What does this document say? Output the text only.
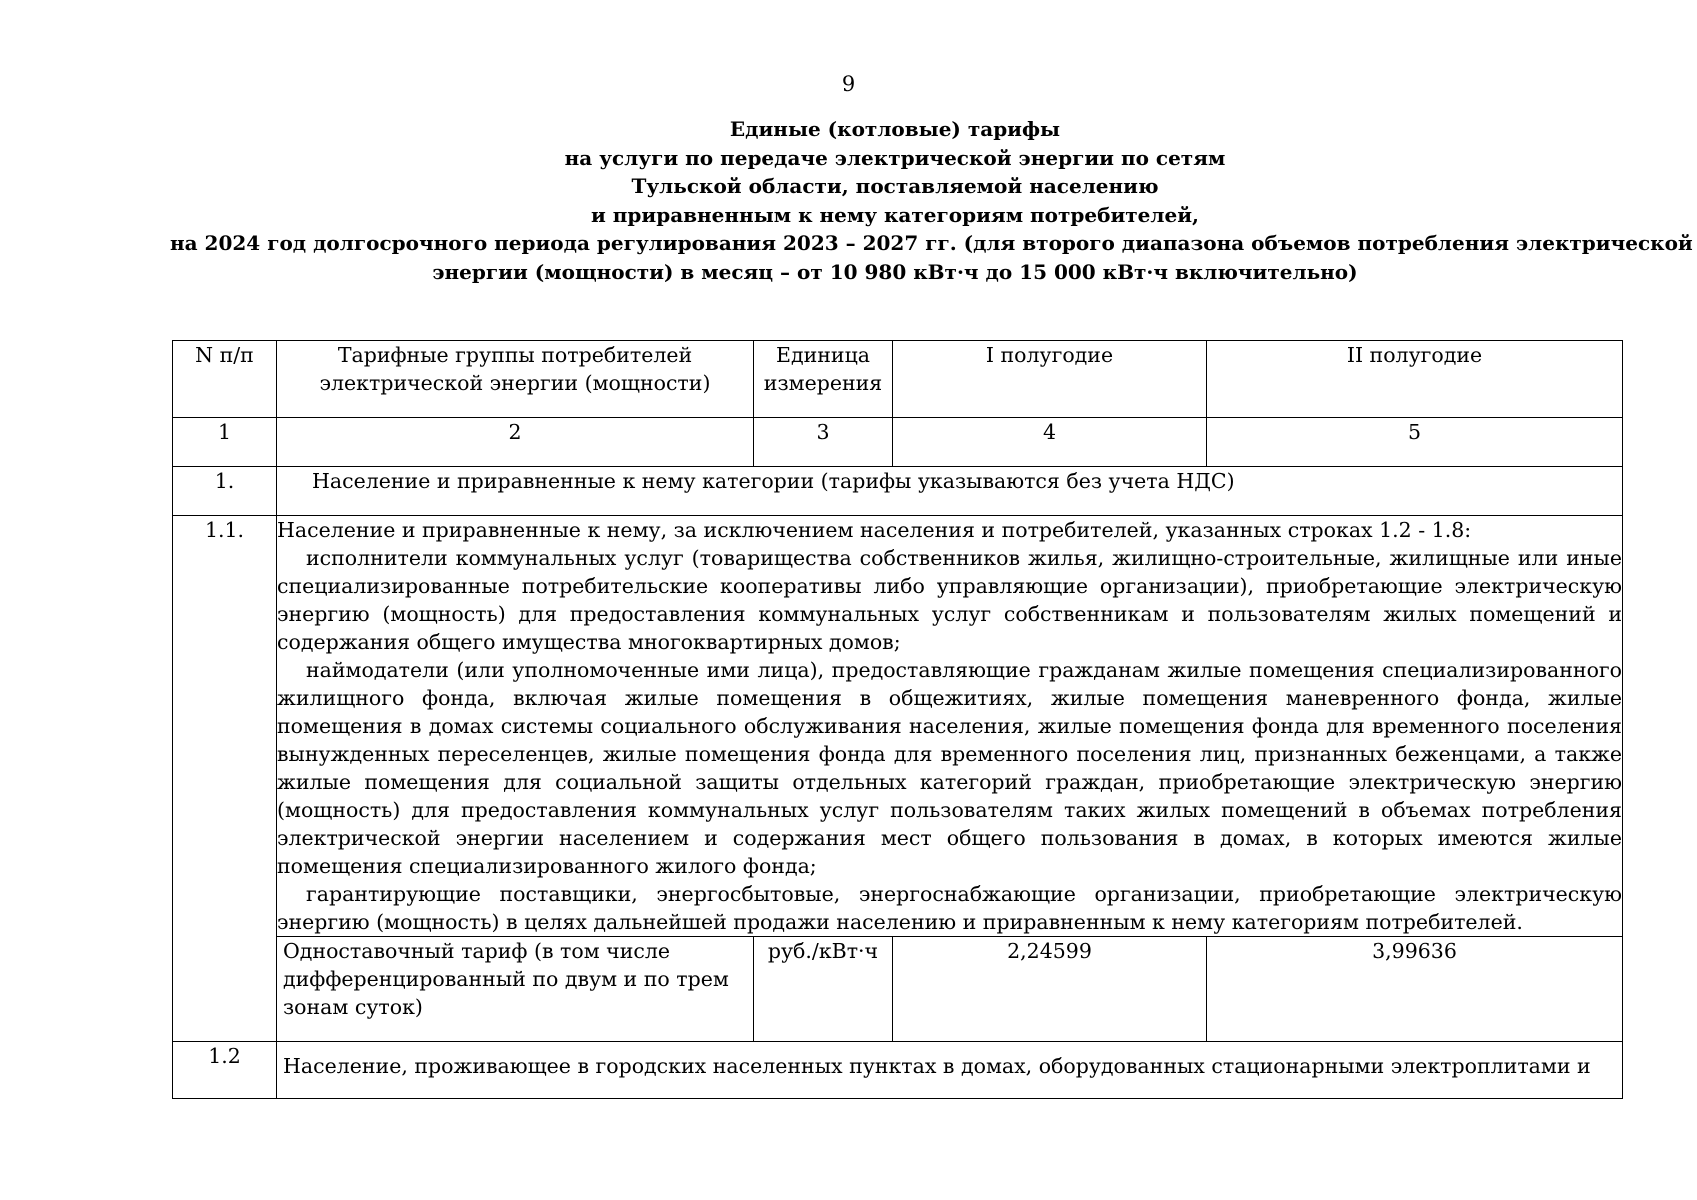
9
Единые (котловые) тарифы
на услуги по передаче электрической энергии по сетям
Тульской области, поставляемой населению
и приравненным к нему категориям потребителей,
на 2024 год долгосрочного периода регулирования 2023 – 2027 гг. (для второго диапазона объемов потребления электрической
энергии (мощности) в месяц – от 10 980 кВт·ч до 15 000 кВт·ч включительно)
N п/п	Тарифные группы потребителей электрической энергии (мощности)	Единица измерения	I полугодие	II полугодие
1	2	3	4	5
1.	Население и приравненные к нему категории (тарифы указываются без учета НДС)			
1.1.	Население и приравненные к нему, за исключением населения и потребителей, указанных строках 1.2 - 1.8:

исполнители коммунальных услуг (товарищества собственников жилья, жилищно-строительные, жилищные или иные специализированные потребительские кооперативы либо управляющие организации), приобретающие электрическую энергию (мощность) для предоставления коммунальных услуг собственникам и пользователям жилых помещений и содержания общего имущества многоквартирных домов;

наймодатели (или уполномоченные ими лица), предоставляющие гражданам жилые помещения специализированного жилищного фонда, включая жилые помещения в общежитиях, жилые помещения маневренного фонда, жилые помещения в домах системы социального обслуживания населения, жилые помещения фонда для временного поселения вынужденных переселенцев, жилые помещения фонда для временного поселения лиц, признанных беженцами, а также жилые помещения для социальной защиты отдельных категорий граждан, приобретающие электрическую энергию (мощность) для предоставления коммунальных услуг пользователям таких жилых помещений в объемах потребления электрической энергии населением и содержания мест общего пользования в домах, в которых имеются жилые помещения специализированного жилого фонда;

гарантирующие поставщики, энергосбытовые, энергоснабжающие организации, приобретающие электрическую энергию (мощность) в целях дальнейшей продажи населению и приравненным к нему категориям потребителей.			

	Одноставочный тариф (в том числе дифференцированный по двум и по трем зонам суток)	руб./кВт·ч	2,24599	3,99636
1.2	Население, проживающее в городских населенных пунктах в домах, оборудованных стационарными электроплитами и			
